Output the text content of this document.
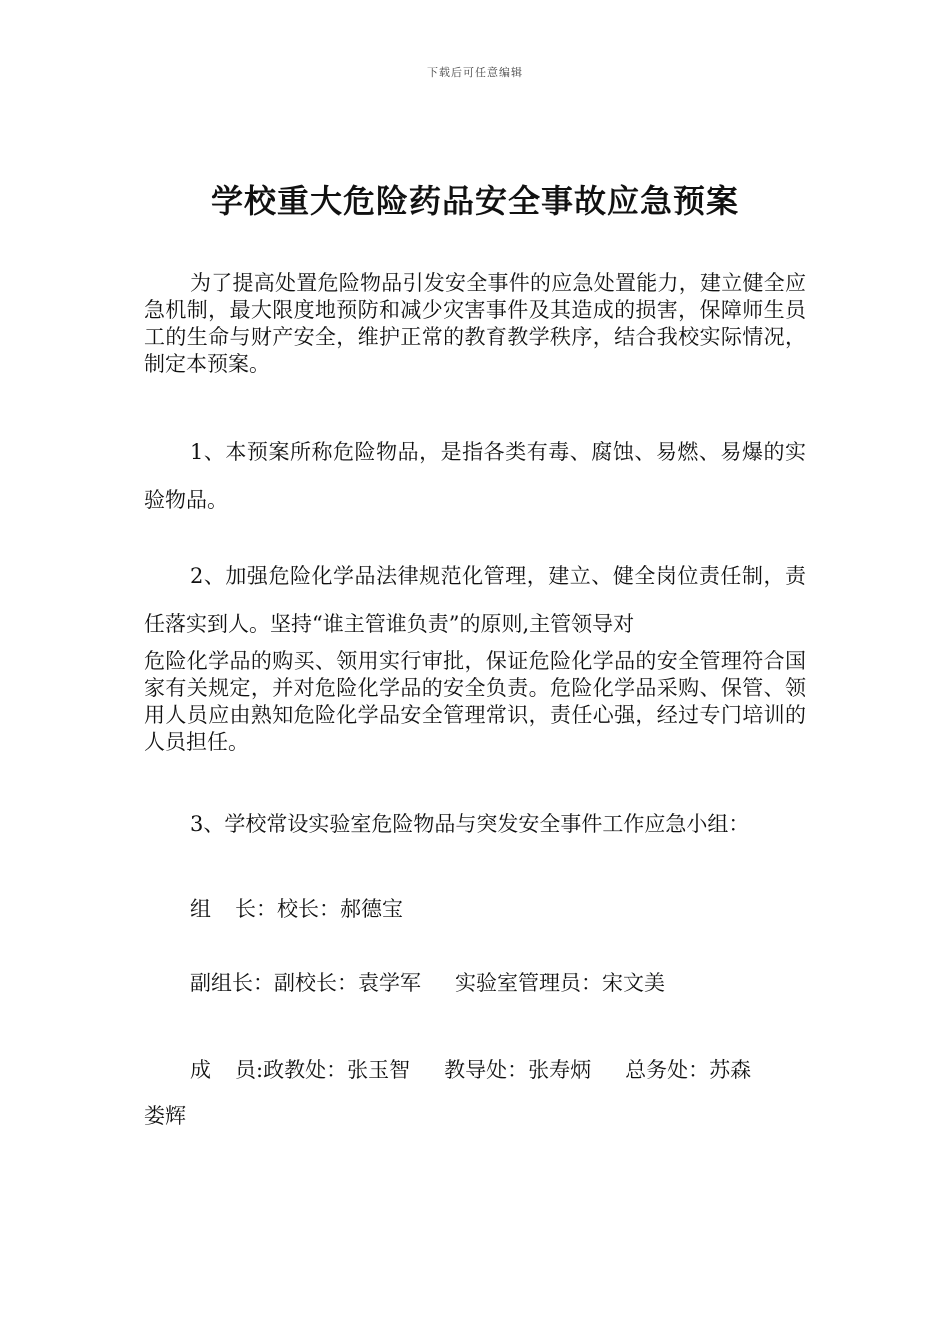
下载后可任意编辑
学校重大危险药品安全事故应急预案

为了提高处置危险物品引发安全事件的应急处置能力，建立健全应急机制，最大限度地预防和减少灾害事件及其造成的损害，保障师生员工的生命与财产安全，维护正常的教育教学秩序，结合我校实际情况，制定本预案。

1、本预案所称危险物品，是指各类有毒、腐蚀、易燃、易爆的实验物品。

2、加强危险化学品法律规范化管理，建立、健全岗位责任制，责任落实到人。坚持“谁主管谁负责”的原则,主管领导对

危险化学品的购买、领用实行审批，保证危险化学品的安全管理符合国家有关规定，并对危险化学品的安全负责。危险化学品采购、保管、领用人员应由熟知危险化学品安全管理常识，责任心强，经过专门培训的人员担任。

3、学校常设实验室危险物品与突发安全事件工作应急小组：

组 长：校长：郝德宝
副组长：副校长：袁学军 实验室管理员：宋文美

成 员:政教处：张玉智 教导处：张寿炳 总务处：苏森娄辉
